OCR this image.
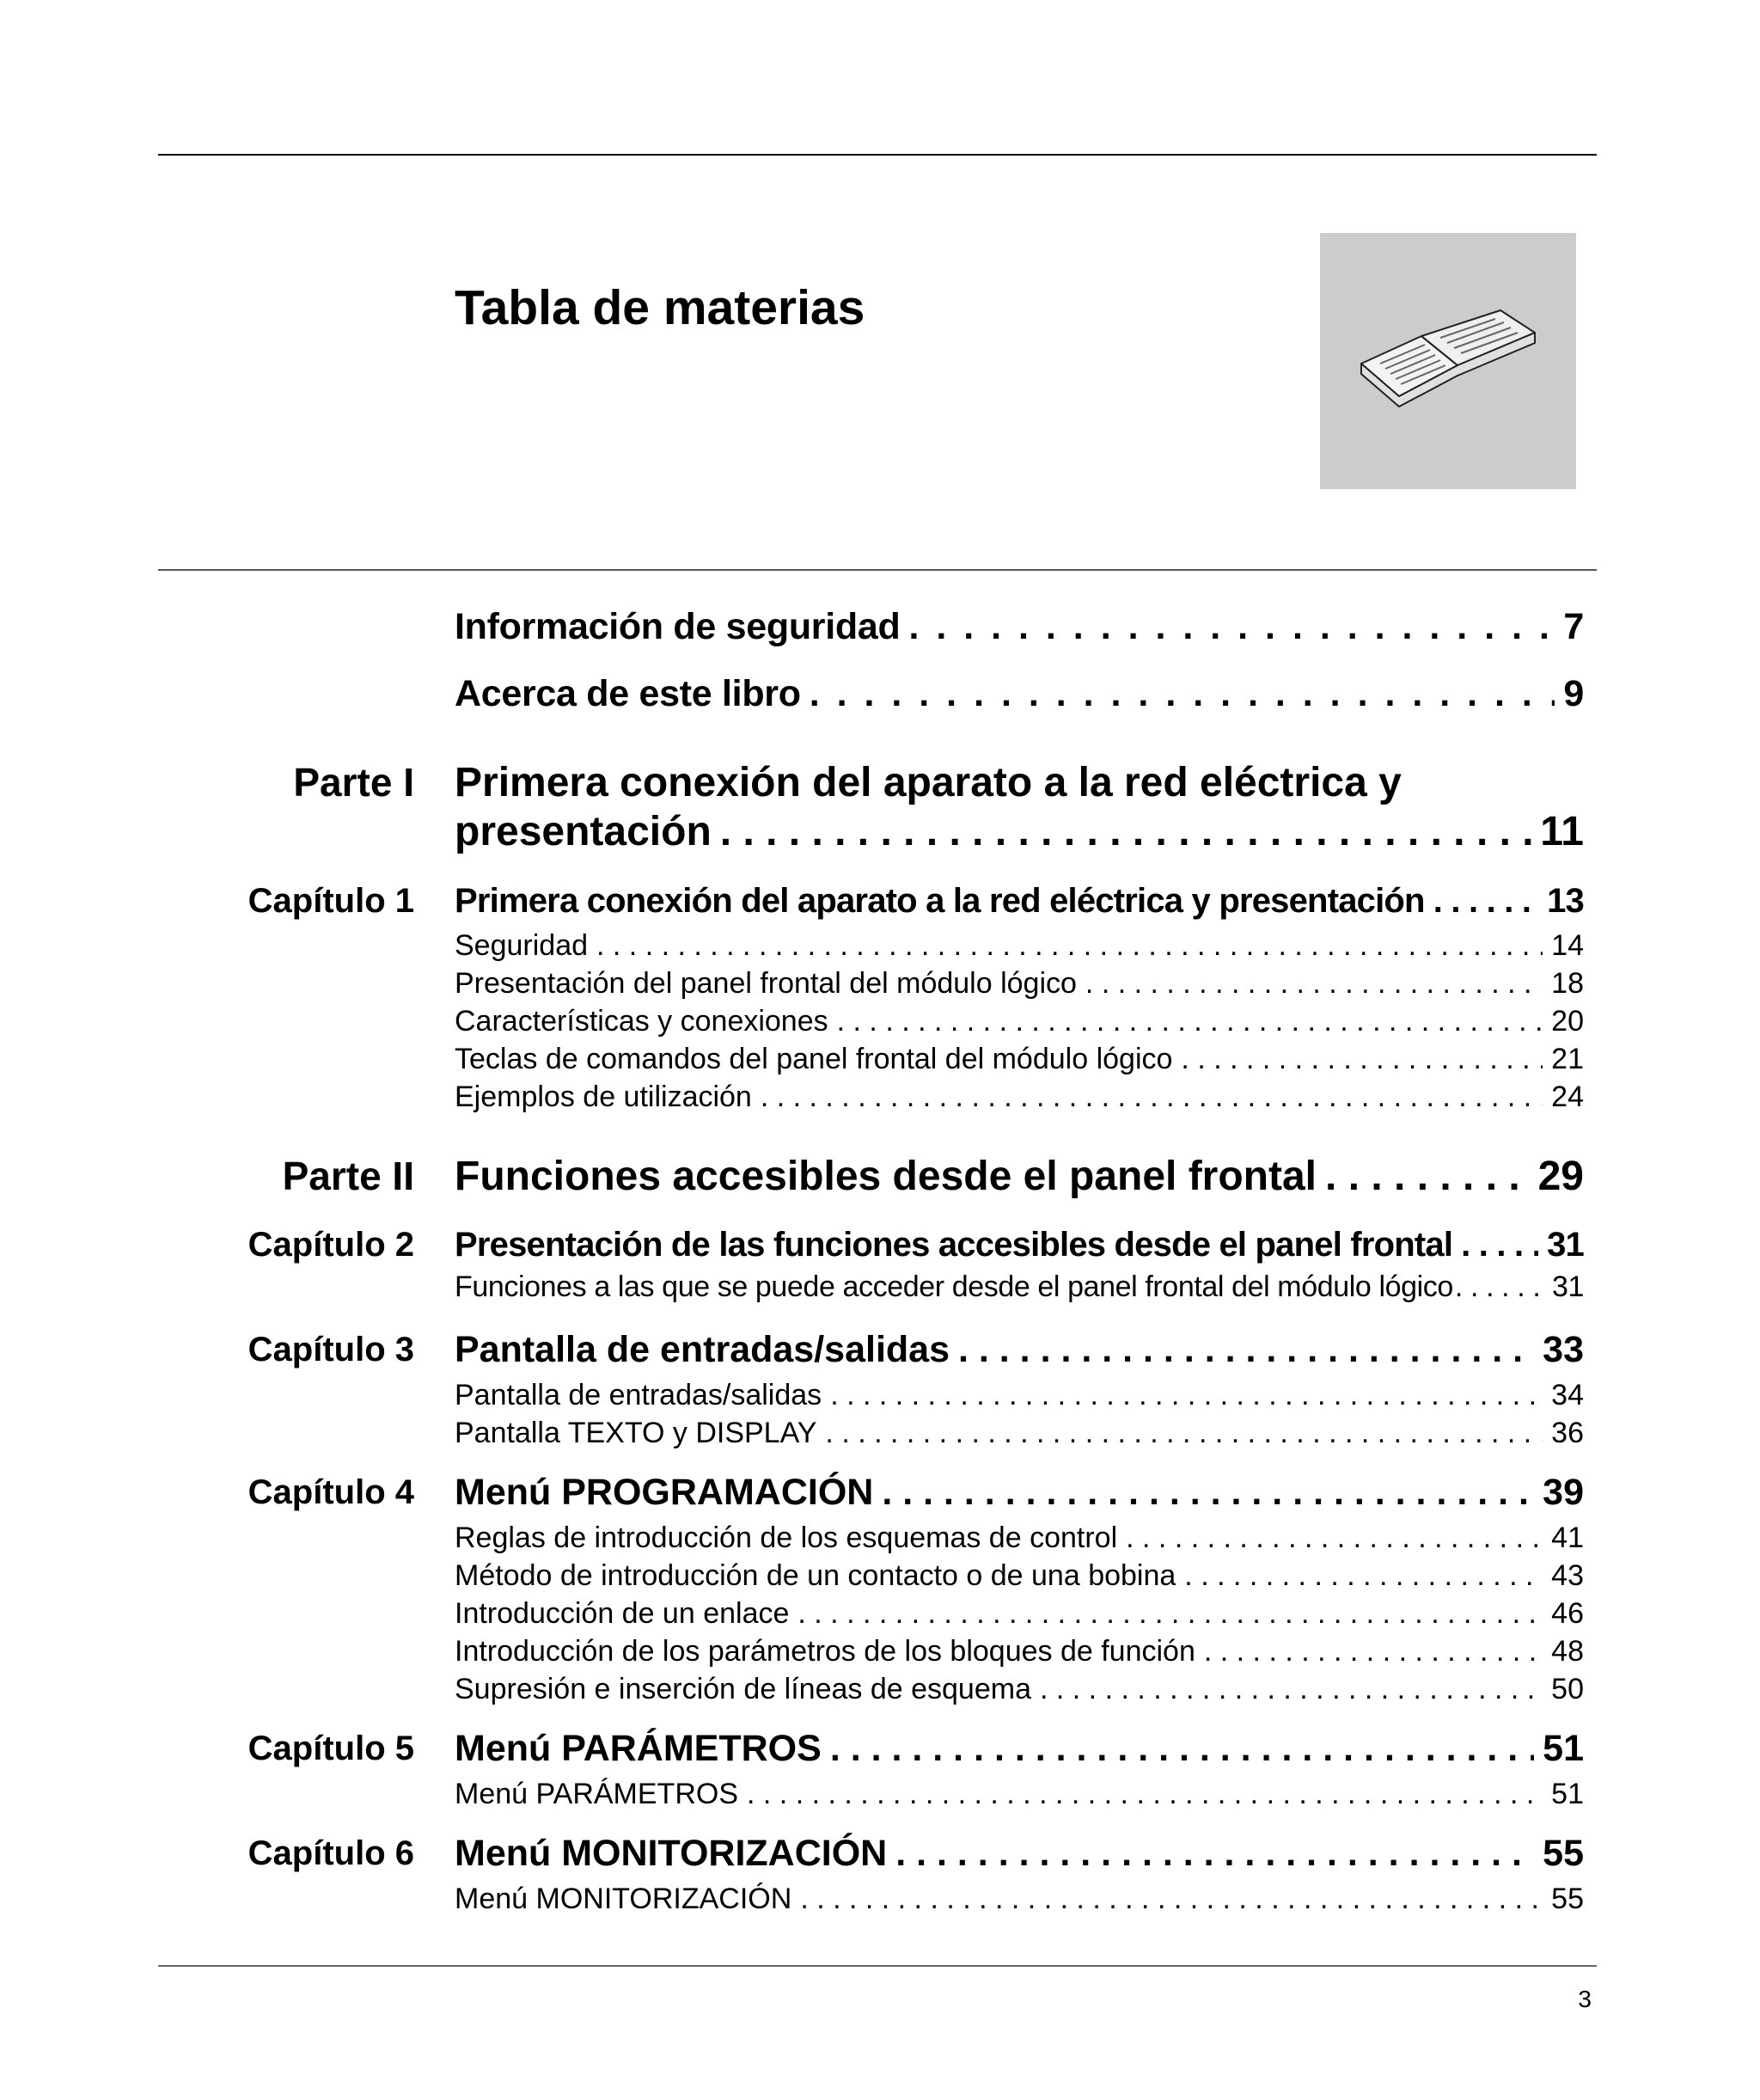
Tabla de materias
Información de seguridad . . .	7
Acerca de este libro . . .	9
Parte I Primera conexión del aparato a la red eléctrica y
presentación . . .	11
Capítulo 1 Primera conexión del aparato a la red eléctrica y presentación . . .	13
Seguridad . . .	14
Presentación del panel frontal del módulo lógico . . .	18
Características y conexiones . . .	20
Teclas de comandos del panel frontal del módulo lógico . . .	21
Ejemplos de utilización . . .	24
Parte II Funciones accesibles desde el panel frontal . . .	29
Capítulo 2 Presentación de las funciones accesibles desde el panel frontal . . .	31
Funciones a las que se puede acceder desde el panel frontal del módulo lógico . . .	31
Capítulo 3 Pantalla de entradas/salidas . . .	33
Pantalla de entradas/salidas . . .	34
Pantalla TEXTO y DISPLAY . . .	36
Capítulo 4 Menú PROGRAMACIÓN . . .	39
Reglas de introducción de los esquemas de control . . .	41
Método de introducción de un contacto o de una bobina . . .	43
Introducción de un enlace . . .	46
Introducción de los parámetros de los bloques de función . . .	48
Supresión e inserción de líneas de esquema . . .	50
Capítulo 5 Menú PARÁMETROS . . .	51
Menú PARÁMETROS . . .	51
Capítulo 6 Menú MONITORIZACIÓN . . .	55
Menú MONITORIZACIÓN . . .	55
3
